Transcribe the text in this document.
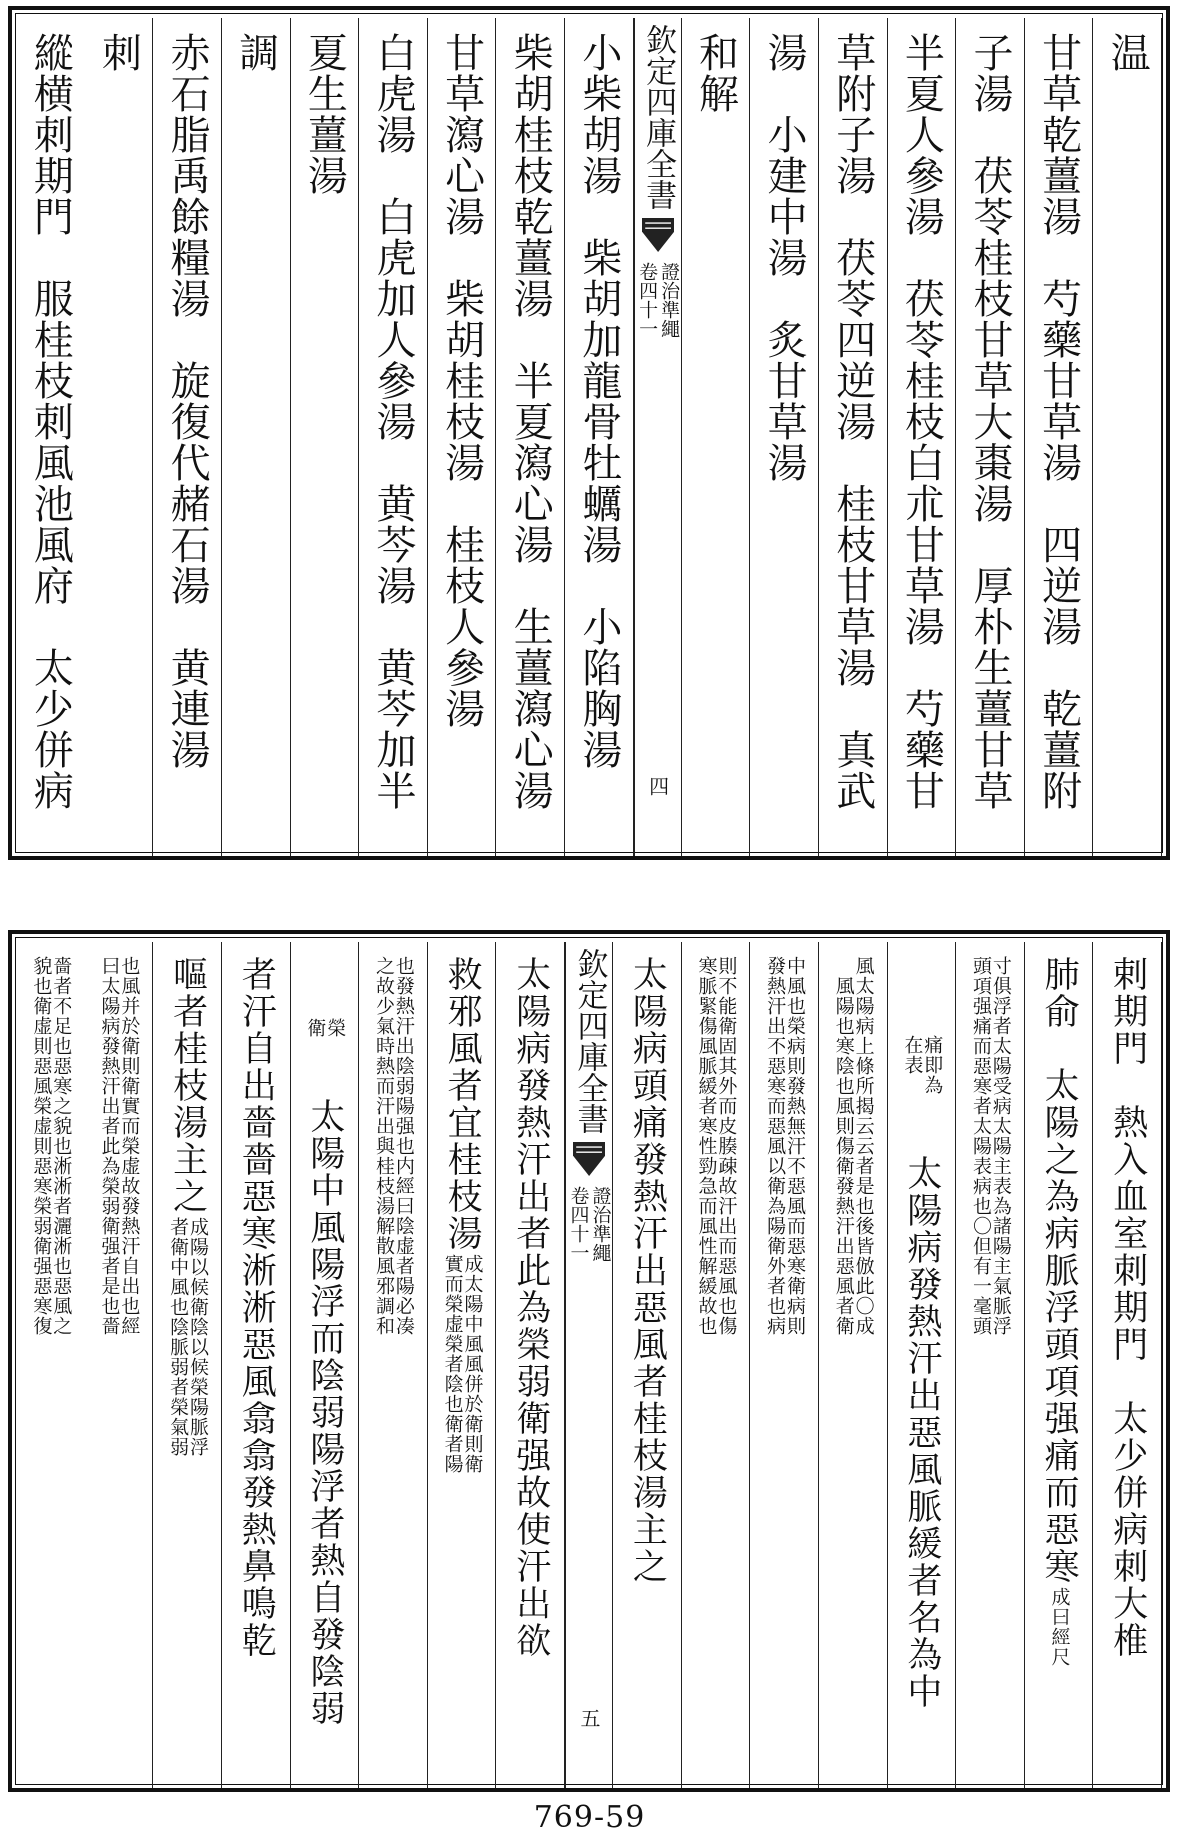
温
甘草乾薑湯　芍藥甘草湯　四逆湯　乾薑附
子湯　茯苓桂枝甘草大棗湯　厚朴生薑甘草
半夏人參湯　茯苓桂枝白朮甘草湯　芍藥甘
草附子湯　茯苓四逆湯　桂枝甘草湯　真武
湯　小建中湯　炙甘草湯
和解
欽定四庫全書
證治準繩
卷四十一
四
小柴胡湯　柴胡加龍骨牡蠣湯　小陷胸湯
柴胡桂枝乾薑湯　半夏瀉心湯　生薑瀉心湯
甘草瀉心湯　柴胡桂枝湯　桂枝人參湯
白虎湯　白虎加人參湯　黄芩湯　黄芩加半
夏生薑湯
調
赤石脂禹餘糧湯　旋復代赭石湯　黄連湯
刺
縱横刺期門　服桂枝刺風池風府　太少併病
剌期門　熱入血室刺期門　太少併病刺大椎
肺俞　太陽之為病脈浮頭項强痛而惡寒
成曰經尺
寸俱浮者太陽受病太陽主表為諸陽主氣脈浮
頭項强痛而惡寒者太陽表病也〇但有一毫頭
痛即為
在表
太陽病發熱汗出惡風脈緩者名為中
風太陽病上條所揭云云者是也後皆倣此〇成
　風陽也寒陰也風則傷衛發熱汗出惡風者衛
中風也榮病則發熱無汗不惡風而惡寒衛病則
發熱汗出不惡寒而惡風以衛為陽衛外者也病
則不能衛固其外而皮腠疎故汗出而惡風也傷
寒脈緊傷風脈緩者寒性勁急而風性解緩故也
太陽病頭痛發熱汗出惡風者桂枝湯主之
欽定四庫全書
證治準繩
卷四十一
五
太陽病發熱汗出者此為榮弱衛强故使汗出欲
救邪風者宜桂枝湯
成太陽中風風併於衛則衛
實而榮虚榮者陰也衛者陽
也發熱汗出陰弱陽强也内經曰陰虚者陽必凑
之故少氣時熱而汗出與桂枝湯解散風邪調和
榮
衛
太陽中風陽浮而陰弱陽浮者熱自發陰弱
者汗自出嗇嗇惡寒淅淅惡風翕翕發熱鼻鳴乾
嘔者桂枝湯主之
成陽以候衛陰以候榮陽脈浮
者衛中風也陰脈弱者榮氣弱
也風并於衛則衛實而榮虚故發熱汗自出也經
曰太陽病發熱汗出者此為榮弱衛强者是也嗇
嗇者不足也惡寒之貌也淅淅者灑淅也惡風之
貌也衛虚則惡風榮虚則惡寒榮弱衛强惡寒復
769-59
